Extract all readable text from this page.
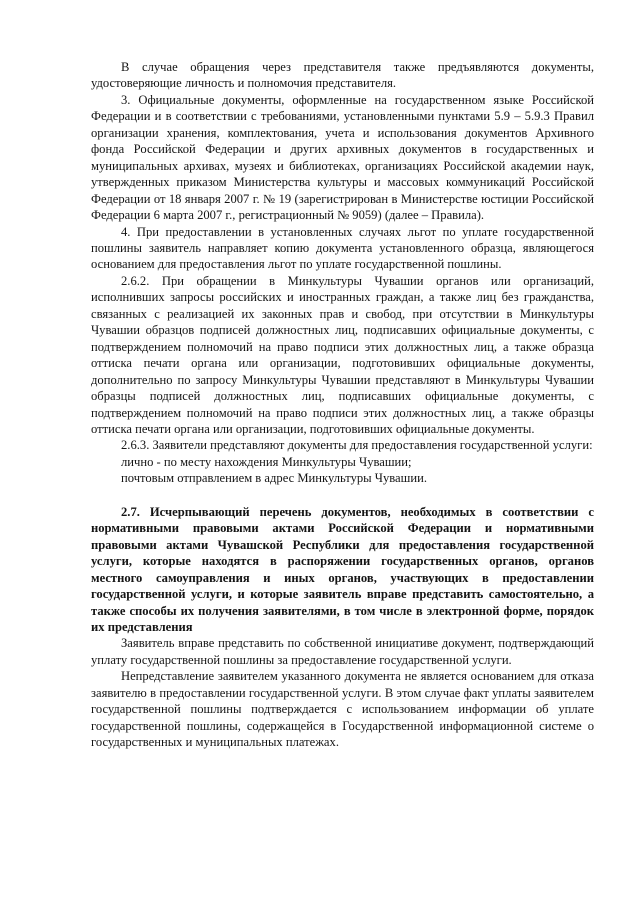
В случае обращения через представителя также предъявляются документы, удостоверяющие личность и полномочия представителя.

3. Официальные документы, оформленные на государственном языке Российской Федерации и в соответствии с требованиями, установленными пунктами 5.9 – 5.9.3 Правил организации хранения, комплектования, учета и использования документов Архивного фонда Российской Федерации и других архивных документов в государственных и муниципальных архивах, музеях и библиотеках, организациях Российской академии наук, утвержденных приказом Министерства культуры и массовых коммуникаций Российской Федерации от 18 января 2007 г. № 19 (зарегистрирован в Министерстве юстиции Российской Федерации 6 марта 2007 г., регистрационный № 9059) (далее – Правила).

4. При предоставлении в установленных случаях льгот по уплате государственной пошлины заявитель направляет копию документа установленного образца, являющегося основанием для предоставления льгот по уплате государственной пошлины.

2.6.2. При обращении в Минкультуры Чувашии органов или организаций, исполнивших запросы российских и иностранных граждан, а также лиц без гражданства, связанных с реализацией их законных прав и свобод, при отсутствии в Минкультуры Чувашии образцов подписей должностных лиц, подписавших официальные документы, с подтверждением полномочий на право подписи этих должностных лиц, а также образца оттиска печати органа или организации, подготовивших официальные документы, дополнительно по запросу Минкультуры Чувашии представляют в Минкультуры Чувашии образцы подписей должностных лиц, подписавших официальные документы, с подтверждением полномочий на право подписи этих должностных лиц, а также образцы оттиска печати органа или организации, подготовивших официальные документы.

2.6.3. Заявители представляют документы для предоставления государственной услуги:

лично - по месту нахождения Минкультуры Чувашии;

почтовым отправлением в адрес Минкультуры Чувашии.

2.7. Исчерпывающий перечень документов, необходимых в соответствии с нормативными правовыми актами Российской Федерации и нормативными правовыми актами Чувашской Республики для предоставления государственной услуги, которые находятся в распоряжении государственных органов, органов местного самоуправления и иных органов, участвующих в предоставлении государственной услуги, и которые заявитель вправе представить самостоятельно, а также способы их получения заявителями, в том числе в электронной форме, порядок их представления

Заявитель вправе представить по собственной инициативе документ, подтверждающий уплату государственной пошлины за предоставление государственной услуги.

Непредставление заявителем указанного документа не является основанием для отказа заявителю в предоставлении государственной услуги. В этом случае факт уплаты заявителем государственной пошлины подтверждается с использованием информации об уплате государственной пошлины, содержащейся в Государственной информационной системе о государственных и муниципальных платежах.
